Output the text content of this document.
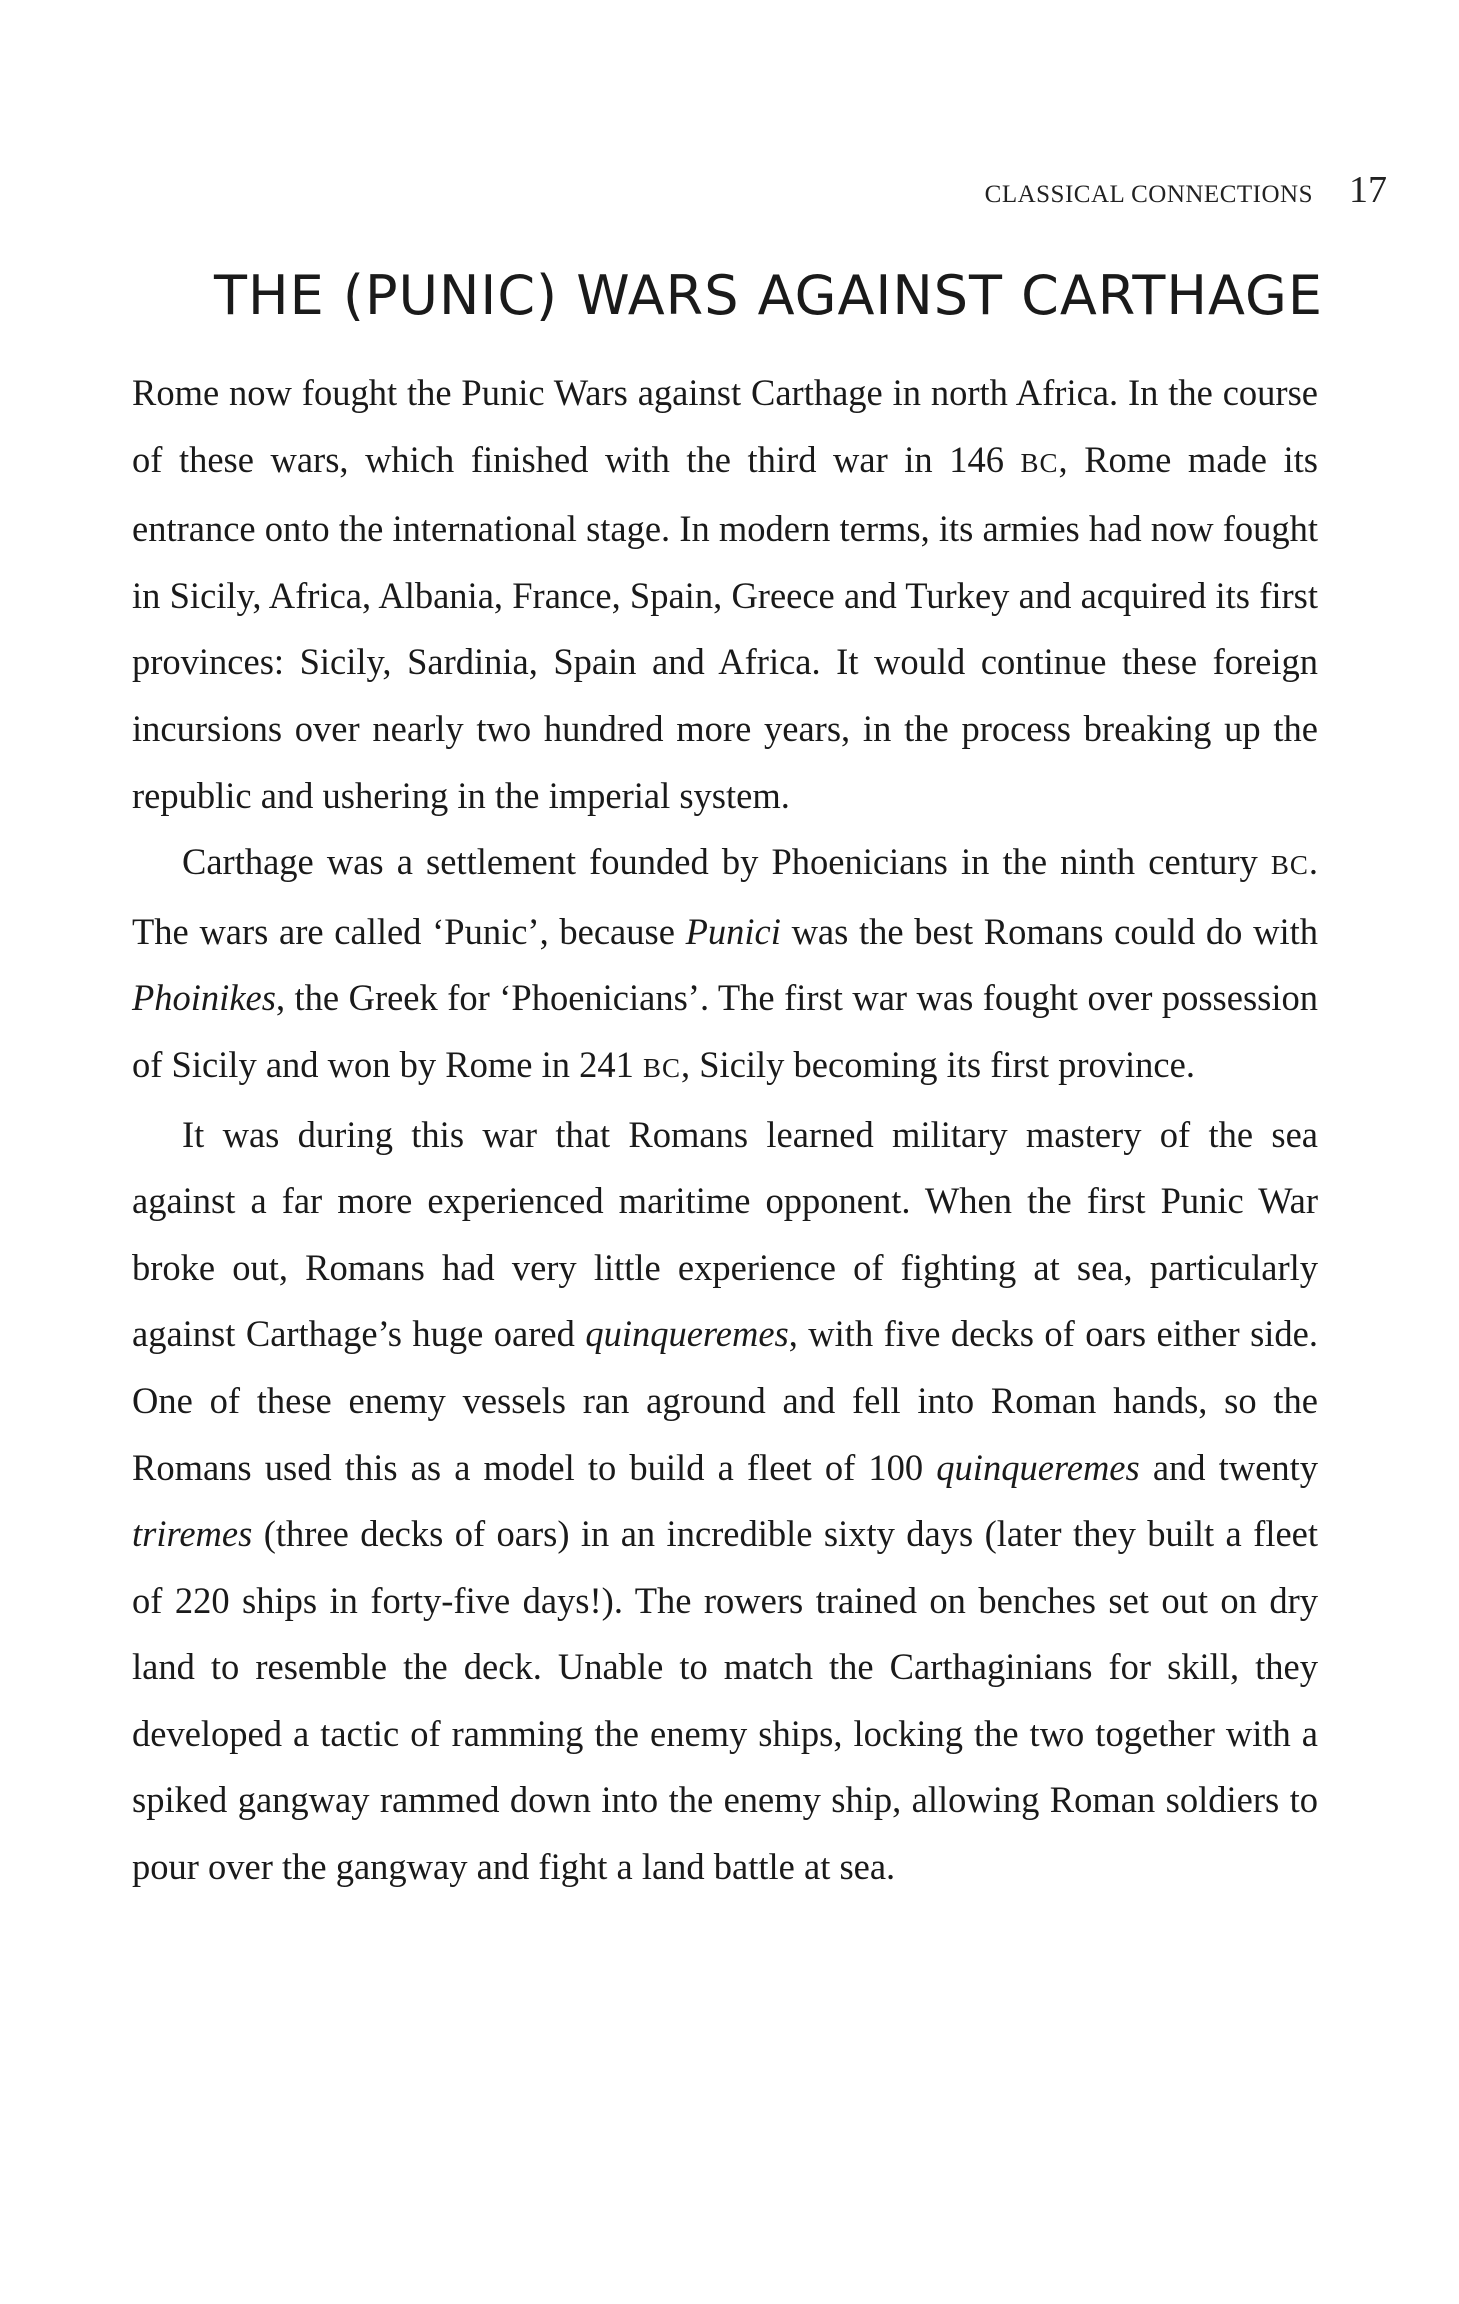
CLASSICAL CONNECTIONS 17
THE (PUNIC) WARS AGAINST CARTHAGE

Rome now fought the Punic Wars against Carthage in north Africa. In the course of these wars, which finished with the third war in 146 BC, Rome made its entrance onto the international stage. In modern terms, its armies had now fought in Sicily, Africa, Albania, France, Spain, Greece and Turkey and acquired its first provinces: Sicily, Sardinia, Spain and Africa. It would continue these foreign incursions over nearly two hundred more years, in the process breaking up the republic and ushering in the imperial system.

Carthage was a settlement founded by Phoenicians in the ninth century BC. The wars are called ‘Punic’, because Punici was the best Romans could do with Phoinikes, the Greek for ‘Phoenicians’. The first war was fought over possession of Sicily and won by Rome in 241 BC, Sicily becoming its first province.

It was during this war that Romans learned military mastery of the sea against a far more experienced maritime opponent. When the first Punic War broke out, Romans had very little experience of fighting at sea, particularly against Carthage’s huge oared quinqueremes, with five decks of oars either side. One of these enemy vessels ran aground and fell into Roman hands, so the Romans used this as a model to build a fleet of 100 quinqueremes and twenty triremes (three decks of oars) in an incredible sixty days (later they built a fleet of 220 ships in forty-five days!). The rowers trained on benches set out on dry land to resemble the deck. Unable to match the Carthaginians for skill, they developed a tactic of ramming the enemy ships, locking the two together with a spiked gangway rammed down into the enemy ship, allowing Roman soldiers to pour over the gangway and fight a land battle at sea.
